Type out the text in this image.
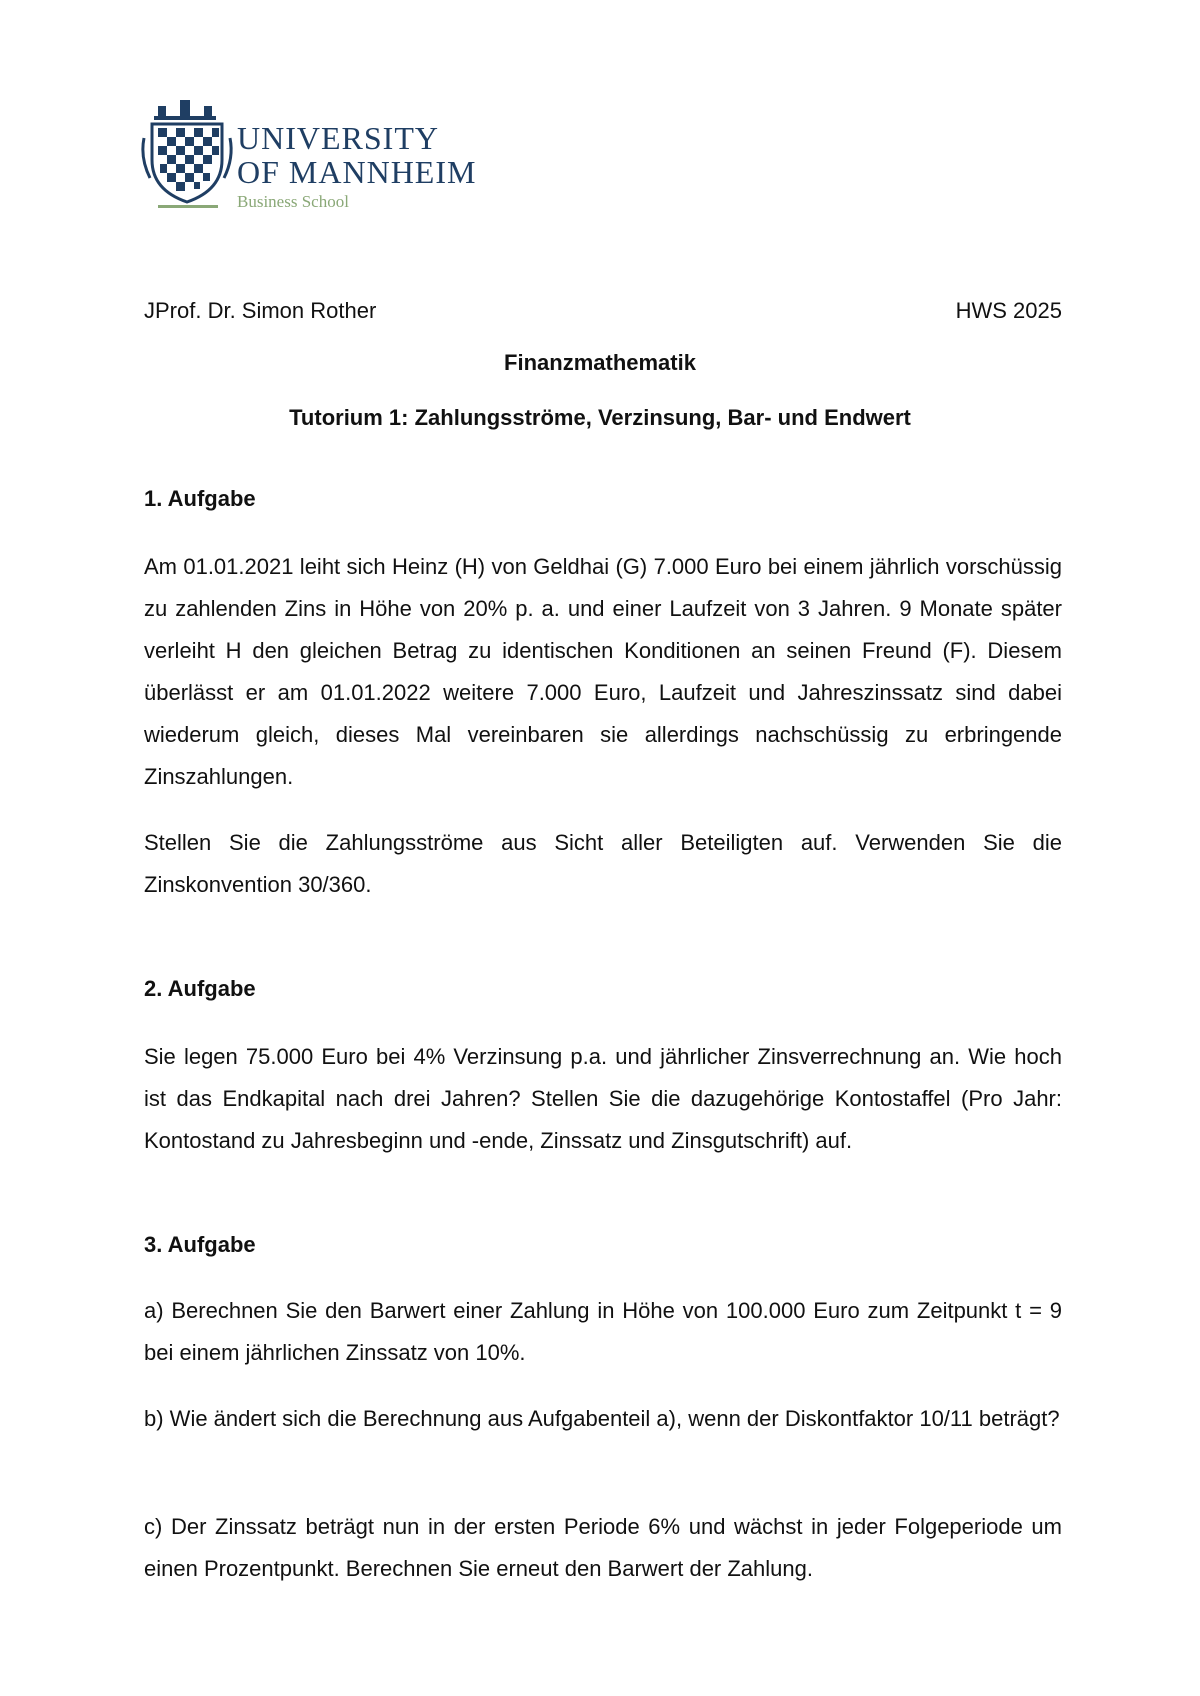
UNIVERSITY
OF MANNHEIM
Business School
JProf. Dr. Simon Rother	HWS 2025
Finanzmathematik
Tutorium 1: Zahlungsströme, Verzinsung, Bar- und Endwert
1. Aufgabe

Am 01.01.2021 leiht sich Heinz (H) von Geldhai (G) 7.000 Euro bei einem jährlich vorschüssig zu zahlenden Zins in Höhe von 20% p. a. und einer Laufzeit von 3 Jahren. 9 Monate später verleiht H den gleichen Betrag zu identischen Konditionen an seinen Freund (F). Diesem überlässt er am 01.01.2022 weitere 7.000 Euro, Laufzeit und Jahreszinssatz sind dabei wiederum gleich, dieses Mal vereinbaren sie allerdings nachschüssig zu erbringende Zinszahlungen.

Stellen Sie die Zahlungsströme aus Sicht aller Beteiligten auf. Verwenden Sie die Zinskonvention 30/360.

2. Aufgabe

Sie legen 75.000 Euro bei 4% Verzinsung p.a. und jährlicher Zinsverrechnung an. Wie hoch ist das Endkapital nach drei Jahren? Stellen Sie die dazugehörige Kontostaffel (Pro Jahr: Kontostand zu Jahresbeginn und -ende, Zinssatz und Zinsgutschrift) auf.

3. Aufgabe

a) Berechnen Sie den Barwert einer Zahlung in Höhe von 100.000 Euro zum Zeitpunkt t = 9 bei einem jährlichen Zinssatz von 10%.

b) Wie ändert sich die Berechnung aus Aufgabenteil a), wenn der Diskontfaktor 10/11 beträgt?

c) Der Zinssatz beträgt nun in der ersten Periode 6% und wächst in jeder Folgeperiode um einen Prozentpunkt. Berechnen Sie erneut den Barwert der Zahlung.
